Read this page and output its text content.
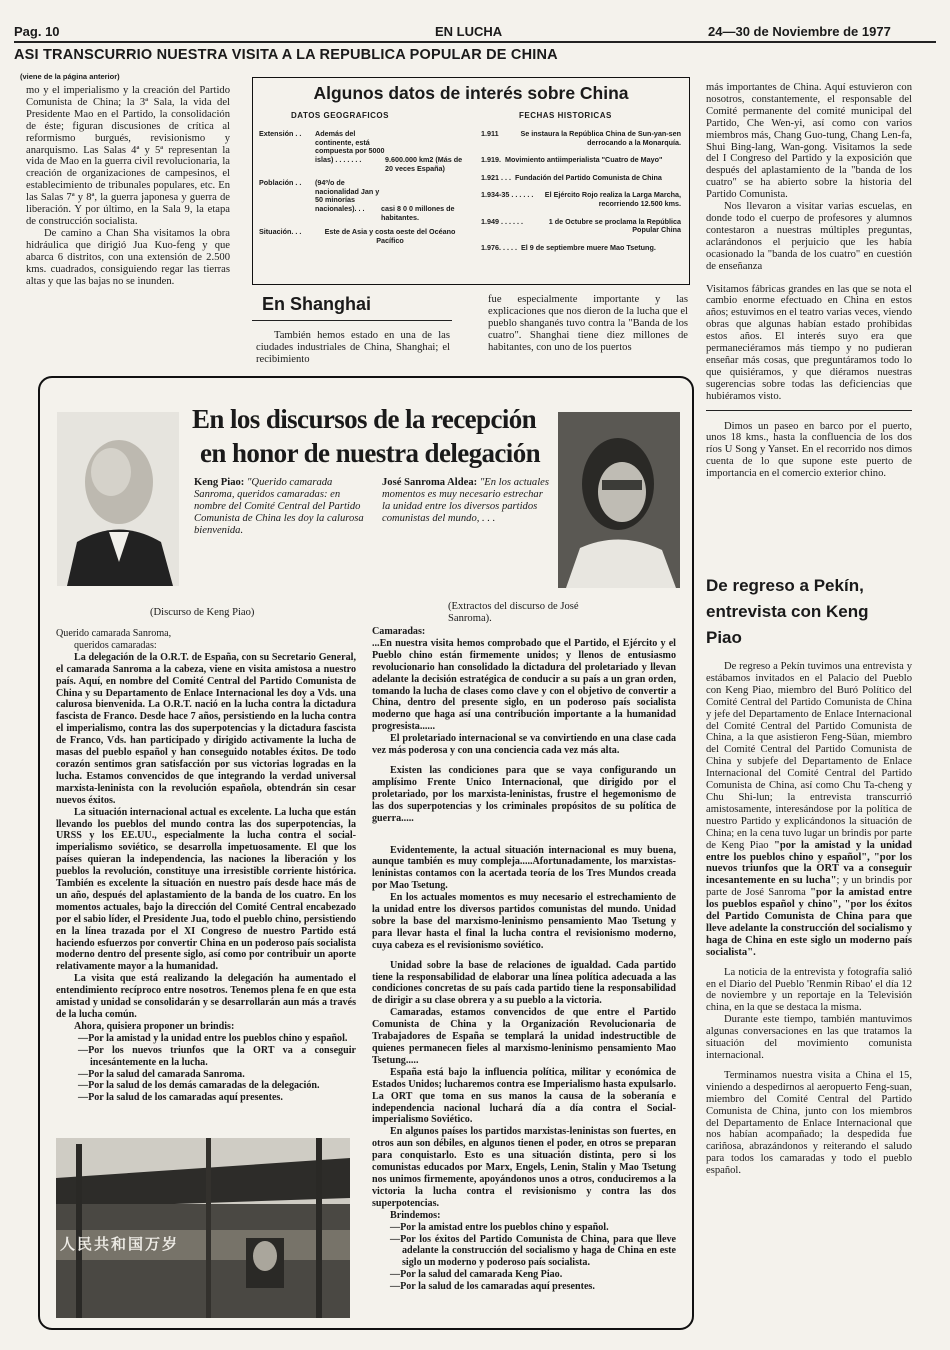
Pag. 10	EN LUCHA	24—30 de Noviembre de 1977
ASI TRANSCURRIO NUESTRA VISITA A LA REPUBLICA POPULAR DE CHINA
(viene de la página anterior)

mo y el imperialismo y la creación del Partido Comunista de China; la 3ª Sala, la vida del Presidente Mao en el Partido, la consolidación de éste; figuran discusiones de crítica al reformismo burgués, revisionismo y anarquismo. Las Salas 4ª y 5ª representan la vida de Mao en la guerra civil revolucionaria, la creación de organizaciones de campesinos, el establecimiento de tribunales populares, etc. En las Salas 7ª y 8ª, la guerra japonesa y guerra de liberación. Y por último, en la Sala 9, la etapa de construcción socialista.

De camino a Chan Sha visitamos la obra hidráulica que dirigió Jua Kuo-feng y que abarca 6 distritos, con una extensión de 2.500 kms. cuadrados, consiguiendo regar las tierras altas y que las bajas no se inunden.

Algunos datos de interés sobre China
DATOS GEOGRAFICOS	FECHAS HISTORICAS
Extensión . .	Además del continente, está compuesta por 5000 islas) . . . . . . .	9.600.000 km2 (Más de 20 veces España)
Población . .	(94º/o de nacionalidad Jan y 50 minorías nacionales). . .	casi 8 0 0 millones de habitantes.
Situación. . .	Este de Asia y costa oeste del Océano Pacífico
1.911	Se instaura la República China de Sun-yan-sen derrocando a la Monarquía.
1.919. Movimiento antiimperialista "Cuatro de Mayo"
1.921 . . . Fundación del Partido Comunista de China
1.934-35 . . . . . .	El Ejército Rojo realiza la Larga Marcha, recorriendo 12.500 kms.
1.949 . . . . . .	1 de Octubre se proclama la República Popular China
1.976. . . . . El 9 de septiembre muere Mao Tsetung.
En Shanghai
También hemos estado en una de las ciudades industriales de China, Shanghai; el recibimiento
fue especialmente importante y las explicaciones que nos dieron de la lucha que el pueblo shanganés tuvo contra la "Banda de los cuatro". Shanghai tiene diez millones de habitantes, con uno de los puertos

más importantes de China. Aquí estuvieron con nosotros, constantemente, el responsable del Comité permanente del comité municipal del Partido, Che Wen-yi, así como con varios miembros más, Chang Guo-tung, Chang Len-fa, Shui Bing-lang, Wan-gong. Visitamos la sede del I Congreso del Partido y la exposición que después del aplastamiento de la "banda de los cuatro" se ha abierto sobre la historia del Partido Comunista.

Nos llevaron a visitar varias escuelas, en donde todo el cuerpo de profesores y alumnos contestaron a nuestras múltiples preguntas, aclarándonos el perjuicio que les había ocasionado la "banda de los cuatro" en cuestión de enseñanza

Visitamos fábricas grandes en las que se nota el cambio enorme efectuado en China en estos años; estuvimos en el teatro varias veces, viendo obras que algunas habían estado prohibidas estos años. El interés suyo era que permaneciéramos más tiempo y no pudieran enseñar más cosas, que preguntáramos todo lo que quisiéramos, y que diéramos nuestras sugerencias sobre todas las deficiencias que hubiéramos visto.

Dimos un paseo en barco por el puerto, unos 18 kms., hasta la confluencia de los dos ríos U Song y Yanset. En el recorrido nos dimos cuenta de lo que supone este puerto de importancia en el comercio exterior chino.

De regreso a Pekín, entrevista con Keng Piao

De regreso a Pekín tuvimos una entrevista y estábamos invitados en el Palacio del Pueblo con Keng Piao, miembro del Buró Político del Comité Central del Partido Comunista de China y jefe del Departamento de Enlace Internacional del Comité Central del Partido Comunista de China, a la que asistieron Feng-Süan, miembro del Comité Central del Partido Comunista de China y subjefe del Departamento de Enlace Internacional del Comité Central del Partido Comunista de China, así como Chu Ta-cheng y Chu Shi-lun; la entrevista transcurrió amistosamente, interesándose por la política de nuestro Partido y explicándonos la situación de China; en la cena tuvo lugar un brindis por parte de Keng Piao "por la amistad y la unidad entre los pueblos chino y español", "por los nuevos triunfos que la ORT va a conseguir incesantemente en su lucha"; y un brindis por parte de José Sanroma "por la amistad entre los pueblos español y chino", "por los éxitos del Partido Comunista de China para que lleve adelante la construcción del socialismo y haga de China en este siglo un moderno país socialista".

La noticia de la entrevista y fotografía salió en el Diario del Pueblo 'Renmin Ribao' el día 12 de noviembre y un reportaje en la Televisión china, en la que se destaca la misma.

Durante este tiempo, también mantuvimos algunas conversaciones en las que tratamos la situación del movimiento comunista internacional.

Terminamos nuestra visita a China el 15, viniendo a despedirnos al aeropuerto Feng-suan, miembro del Comité Central del Partido Comunista de China, junto con los miembros del Departamento de Enlace Internacional que nos habían acompañado; la despedida fue cariñosa, abrazándonos y reiterando el saludo para todos los camaradas y todo el pueblo español.

En los discursos de la recepción
en honor de nuestra delegación
Keng Piao: "Querido camarada Sanroma, queridos camaradas: en nombre del Comité Central del Partido Comunista de China les doy la calurosa bienvenida.
José Sanroma Aldea: "En los actuales momentos es muy necesario estrechar la unidad entre los diversos partidos comunistas del mundo, . . .
(Discurso de Keng Piao)
(Extractos del discurso de José Sanroma).

Querido camarada Sanroma,

queridos camaradas:

La delegación de la O.R.T. de España, con su Secretario General, el camarada Sanroma a la cabeza, viene en visita amistosa a nuestro país. Aquí, en nombre del Comité Central del Partido Comunista de China y su Departamento de Enlace Internacional les doy a Vds. una calurosa bienvenida. La O.R.T. nació en la lucha contra la dictadura fascista de Franco. Desde hace 7 años, persistiendo en la lucha contra el imperialismo, contra las dos superpotencias y la dictadura fascista de Franco, Vds. han participado y dirigido activamente la lucha de masas del pueblo español y han conseguido notables éxitos. De todo corazón sentimos gran satisfacción por sus victorias logradas en la lucha. Estamos convencidos de que integrando la verdad universal marxista-leninista con la revolución española, obtendrán sin cesar nuevos éxitos.

La situación internacional actual es excelente. La lucha que están llevando los pueblos del mundo contra las dos superpotencias, la URSS y los EE.UU., especialmente la lucha contra el social-imperialismo soviético, se desarrolla impetuosamente. El que los países quieran la independencia, las naciones la liberación y los pueblos la revolución, constituye una irresistible corriente histórica. También es excelente la situación en nuestro país desde hace más de un año, después del aplastamiento de la banda de los cuatro. En los momentos actuales, bajo la dirección del Comité Central encabezado por el sabio líder, el Presidente Jua, todo el pueblo chino, persistiendo en la línea trazada por el XI Congreso de nuestro Partido está haciendo esfuerzos por convertir China en un poderoso país socialista moderno dentro del presente siglo, así como por contribuir un aporte relativamente mayor a la humanidad.

La visita que está realizando la delegación ha aumentado el entendimiento recíproco entre nosotros. Tenemos plena fe en que esta amistad y unidad se consolidarán y se desarrollarán aun más a través de la lucha común.

Ahora, quisiera proponer un brindis:

—Por la amistad y la unidad entre los pueblos chino y español.
—Por los nuevos triunfos que la ORT va a conseguir incesántemente en la lucha.
—Por la salud del camarada Sanroma.
—Por la salud de los demás camaradas de la delegación.
—Por la salud de los camaradas aquí presentes.
人民共和国万岁

Camaradas:

...En nuestra visita hemos comprobado que el Partido, el Ejército y el Pueblo chino están firmemente unidos; y llenos de entusiasmo revolucionario han consolidado la dictadura del proletariado y llevan adelante la decisión estratégica de conducir a su país a un gran orden, tomando la lucha de clases como clave y con el objetivo de convertir a China, dentro del presente siglo, en un poderoso país socialista moderno que haga así una contribución importante a la humanidad progresista......

El proletariado internacional se va convirtiendo en una clase cada vez más poderosa y con una conciencia cada vez más alta.

Existen las condiciones para que se vaya configurando un amplísimo Frente Unico Internacional, que dirigido por el proletariado, por los marxista-leninistas, frustre el hegemonismo de las dos superpotencias y los criminales propósitos de su política de guerra.....

Evidentemente, la actual situación internacional es muy buena, aunque también es muy compleja.....Afortunadamente, los marxistas-leninistas contamos con la acertada teoría de los Tres Mundos creada por Mao Tsetung.

En los actuales momentos es muy necesario el estrechamiento de la unidad entre los diversos partidos comunistas del mundo. Unidad sobre la base del marxismo-leninismo pensamiento Mao Tsetung y para llevar hasta el final la lucha contra el revisionismo moderno, cuya cabeza es el revisionismo soviético.

Unidad sobre la base de relaciones de igualdad. Cada partido tiene la responsabilidad de elaborar una línea política adecuada a las condiciones concretas de su país cada partido tiene la responsabilidad de dirigir a su clase obrera y a su pueblo a la victoria.

Camaradas, estamos convencidos de que entre el Partido Comunista de China y la Organización Revolucionaria de Trabajadores de España se templará la unidad indestructible de quienes permanecen fieles al marxismo-leninismo pensamiento Mao Tsetung.....

España está bajo la influencia política, militar y económica de Estados Unidos; lucharemos contra ese Imperialismo hasta expulsarlo. La ORT que toma en sus manos la causa de la soberanía e independencia nacional luchará día a día contra el Social-imperialismo Soviético.

En algunos países los partidos marxistas-leninistas son fuertes, en otros aun son débiles, en algunos tienen el poder, en otros se preparan para conquistarlo. Esto es una situación distinta, pero si los comunistas educados por Marx, Engels, Lenin, Stalin y Mao Tsetung nos unimos firmemente, apoyándonos unos a otros, conduciremos a la victoria la lucha contra el revisionismo y contra las dos superpotencias.

Brindemos:

—Por la amistad entre los pueblos chino y español.
—Por los éxitos del Partido Comunista de China, para que lleve adelante la construcción del socialismo y haga de China en este siglo un moderno y poderoso país socialista.
—Por la salud del camarada Keng Piao.
—Por la salud de los camaradas aquí presentes.
